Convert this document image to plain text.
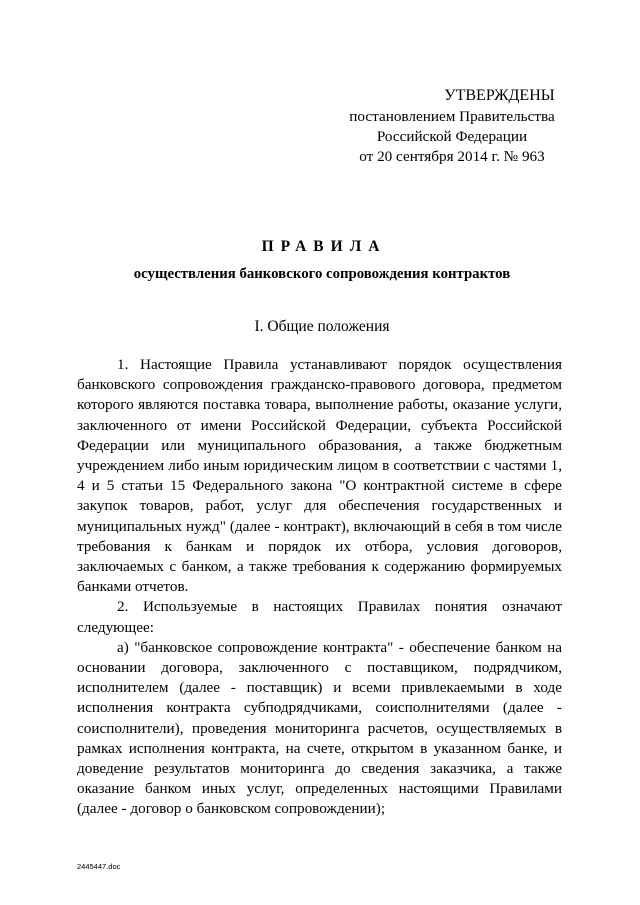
УТВЕРЖДЕНЫ
постановлением Правительства
Российской Федерации
от 20 сентября 2014 г. № 963
ПРАВИЛА
осуществления банковского сопровождения контрактов
I. Общие положения

1. Настоящие Правила устанавливают порядок осуществления банковского сопровождения гражданско-правового договора, предметом которого являются поставка товара, выполнение работы, оказание услуги, заключенного от имени Российской Федерации, субъекта Российской Федерации или муниципального образования, а также бюджетным учреждением либо иным юридическим лицом в соответствии с частями 1, 4 и 5 статьи 15 Федерального закона "О контрактной системе в сфере закупок товаров, работ, услуг для обеспечения государственных и муниципальных нужд" (далее - контракт), включающий в себя в том числе требования к банкам и порядок их отбора, условия договоров, заключаемых с банком, а также требования к содержанию формируемых банками отчетов.

2. Используемые в настоящих Правилах понятия означают следующее:

а) "банковское сопровождение контракта" - обеспечение банком на основании договора, заключенного с поставщиком, подрядчиком, исполнителем (далее - поставщик) и всеми привлекаемыми в ходе исполнения контракта субподрядчиками, соисполнителями (далее - соисполнители), проведения мониторинга расчетов, осуществляемых в рамках исполнения контракта, на счете, открытом в указанном банке, и доведение результатов мониторинга до сведения заказчика, а также оказание банком иных услуг, определенных настоящими Правилами (далее - договор о банковском сопровождении);

2445447.doc
